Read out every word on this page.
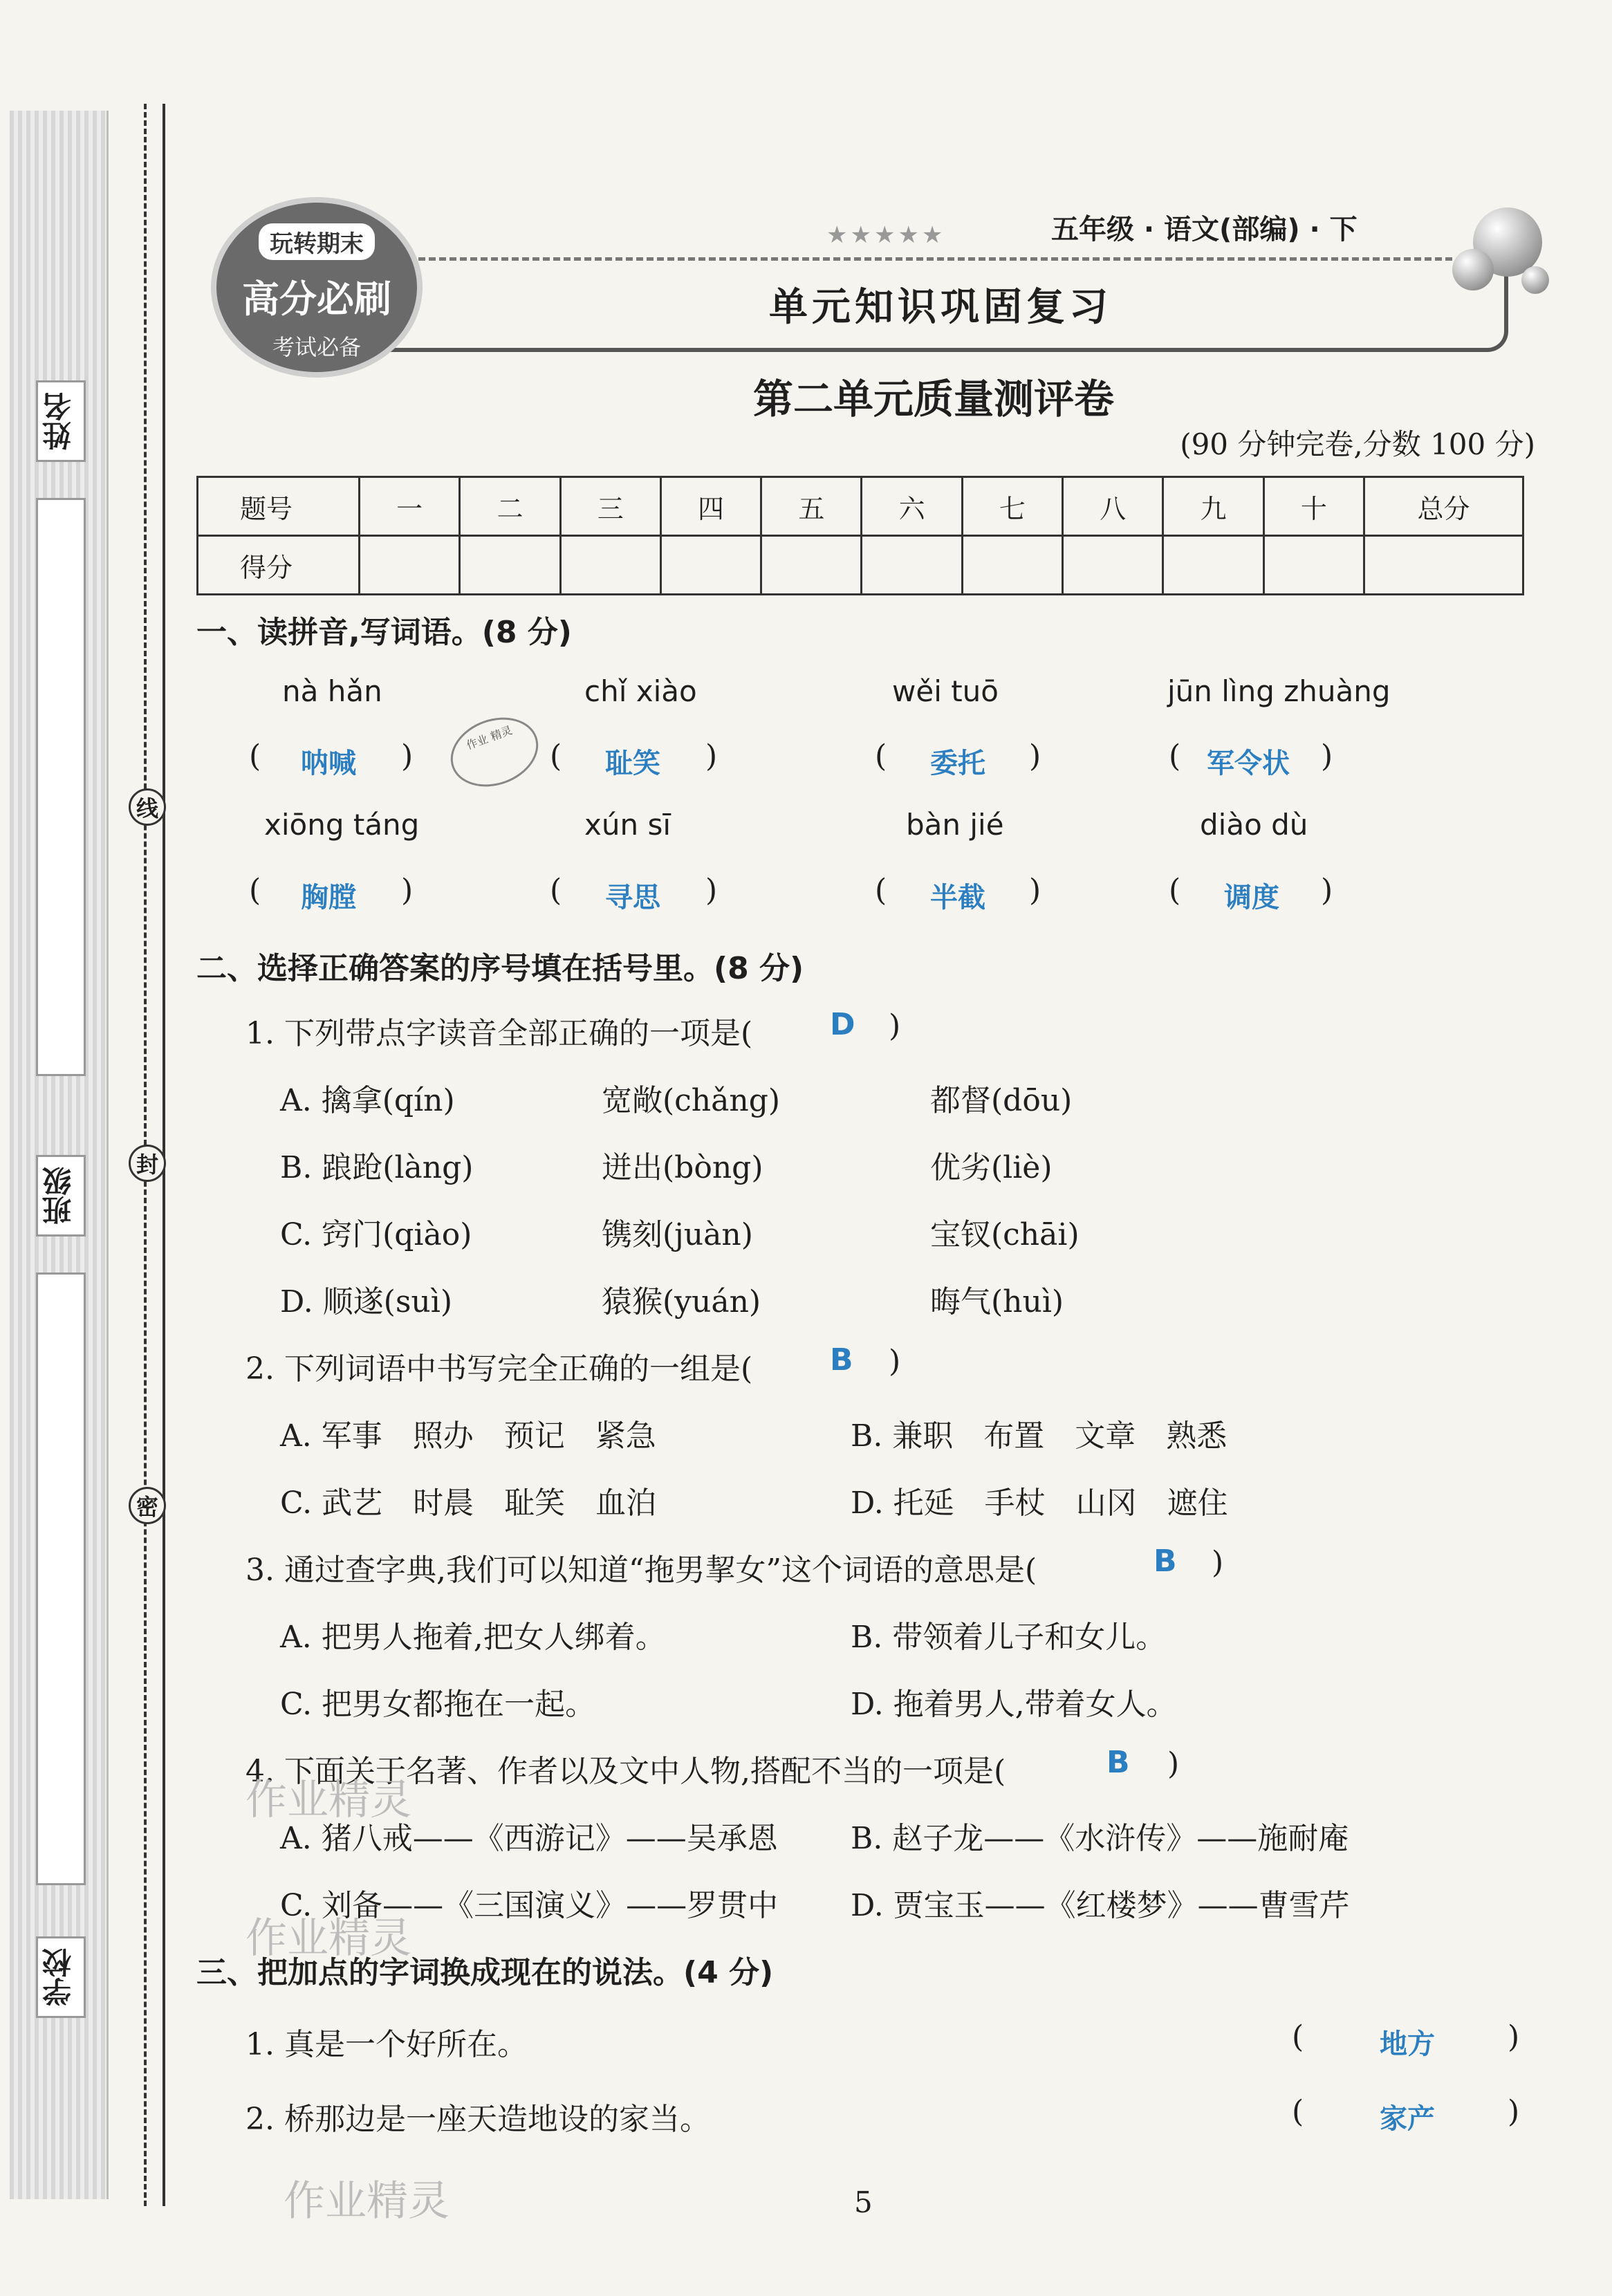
姓名
班级
学校
线
封
密
玩转期末
高分必刷
考试必备
★★★★★	五年级 · 语文(部编) · 下
单元知识巩固复习
第二单元质量测评卷
(90 分钟完卷,分数 100 分)
题号	一	二	三	四	五	六	七	八	九	十	总分
得分											
一、读拼音,写词语。(8 分)
nà hǎn	chǐ xiào	wěi tuō	jūn lìng zhuàng
( 呐喊 )	( 耻笑 )	( 委托 )	( 军令状 )
作业 精灵
xiōng táng	xún sī	bàn jié	diào dù
( 胸膛 )	( 寻思 )	( 半截 )	( 调度 )
二、选择正确答案的序号填在括号里。(8 分)
1. 下列带点字读音全部正确的一项是(	D )
A. 擒拿(qín)	宽敞(chǎng)	都督(dōu)
B. 踉跄(làng)	迸出(bòng)	优劣(liè)
C. 窍门(qiào)	镌刻(juàn)	宝钗(chāi)
D. 顺遂(suì)	猿猴(yuán)	晦气(huì)
2. 下列词语中书写完全正确的一组是(	B )
A. 军事　照办　预记　紧急	B. 兼职　布置　文章　熟悉
C. 武艺　时晨　耻笑　血泊	D. 托延　手杖　山冈　遮住
3. 通过查字典,我们可以知道“拖男挈女”这个词语的意思是(	B )
A. 把男人拖着,把女人绑着。	B. 带领着儿子和女儿。
C. 把男女都拖在一起。	D. 拖着男人,带着女人。
4. 下面关于名著、作者以及文中人物,搭配不当的一项是(	B )
A. 猪八戒——《西游记》——吴承恩 B. 赵子龙——《水浒传》——施耐庵
C. 刘备——《三国演义》——罗贯中 D. 贾宝玉——《红楼梦》——曹雪芹
三、把加点的字词换成现在的说法。(4 分)
1. 真是一个好所在。	(	地方 )
2. 桥那边是一座天造地设的家当。	(	家产 )
作业精灵
作业精灵
作业精灵	5
